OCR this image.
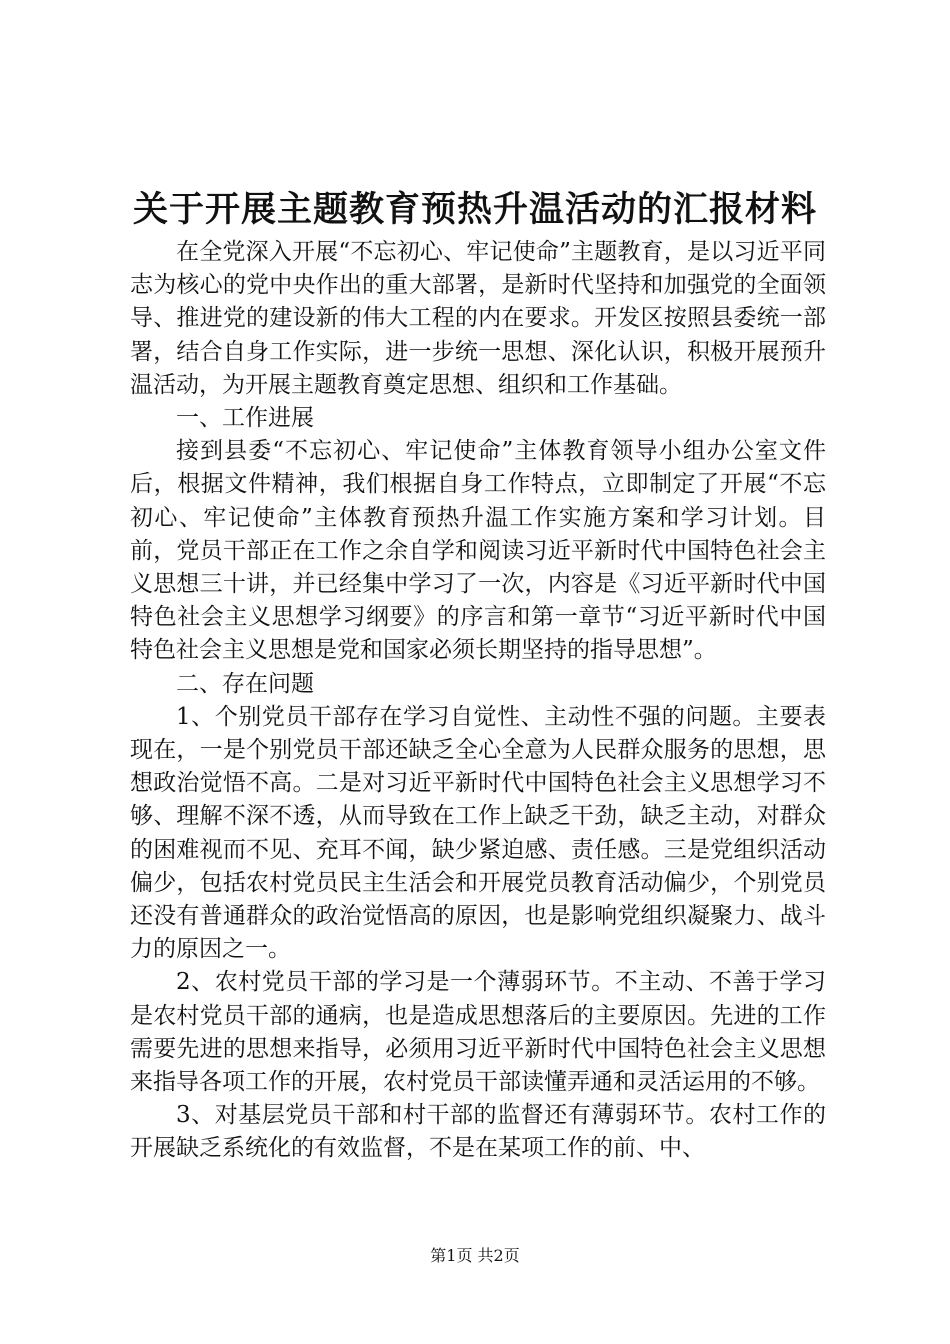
关于开展主题教育预热升温活动的汇报材料

在全党深入开展“不忘初心、牢记使命”主题教育，是以习近平同志为核心的党中央作出的重大部署，是新时代坚持和加强党的全面领导、推进党的建设新的伟大工程的内在要求。开发区按照县委统一部署，结合自身工作实际，进一步统一思想、深化认识，积极开展预升温活动，为开展主题教育奠定思想、组织和工作基础。

一、工作进展

接到县委“不忘初心、牢记使命”主体教育领导小组办公室文件后，根据文件精神，我们根据自身工作特点，立即制定了开展“不忘初心、牢记使命”主体教育预热升温工作实施方案和学习计划。目前，党员干部正在工作之余自学和阅读习近平新时代中国特色社会主义思想三十讲，并已经集中学习了一次，内容是《习近平新时代中国特色社会主义思想学习纲要》的序言和第一章节“习近平新时代中国特色社会主义思想是党和国家必须长期坚持的指导思想”。

二、存在问题

1、个别党员干部存在学习自觉性、主动性不强的问题。主要表现在，一是个别党员干部还缺乏全心全意为人民群众服务的思想，思想政治觉悟不高。二是对习近平新时代中国特色社会主义思想学习不够、理解不深不透，从而导致在工作上缺乏干劲，缺乏主动，对群众的困难视而不见、充耳不闻，缺少紧迫感、责任感。三是党组织活动偏少，包括农村党员民主生活会和开展党员教育活动偏少，个别党员还没有普通群众的政治觉悟高的原因，也是影响党组织凝聚力、战斗力的原因之一。

2、农村党员干部的学习是一个薄弱环节。不主动、不善于学习是农村党员干部的通病，也是造成思想落后的主要原因。先进的工作需要先进的思想来指导，必须用习近平新时代中国特色社会主义思想来指导各项工作的开展，农村党员干部读懂弄通和灵活运用的不够。

3、对基层党员干部和村干部的监督还有薄弱环节。农村工作的开展缺乏系统化的有效监督，不是在某项工作的前、中、

第1页 共2页
